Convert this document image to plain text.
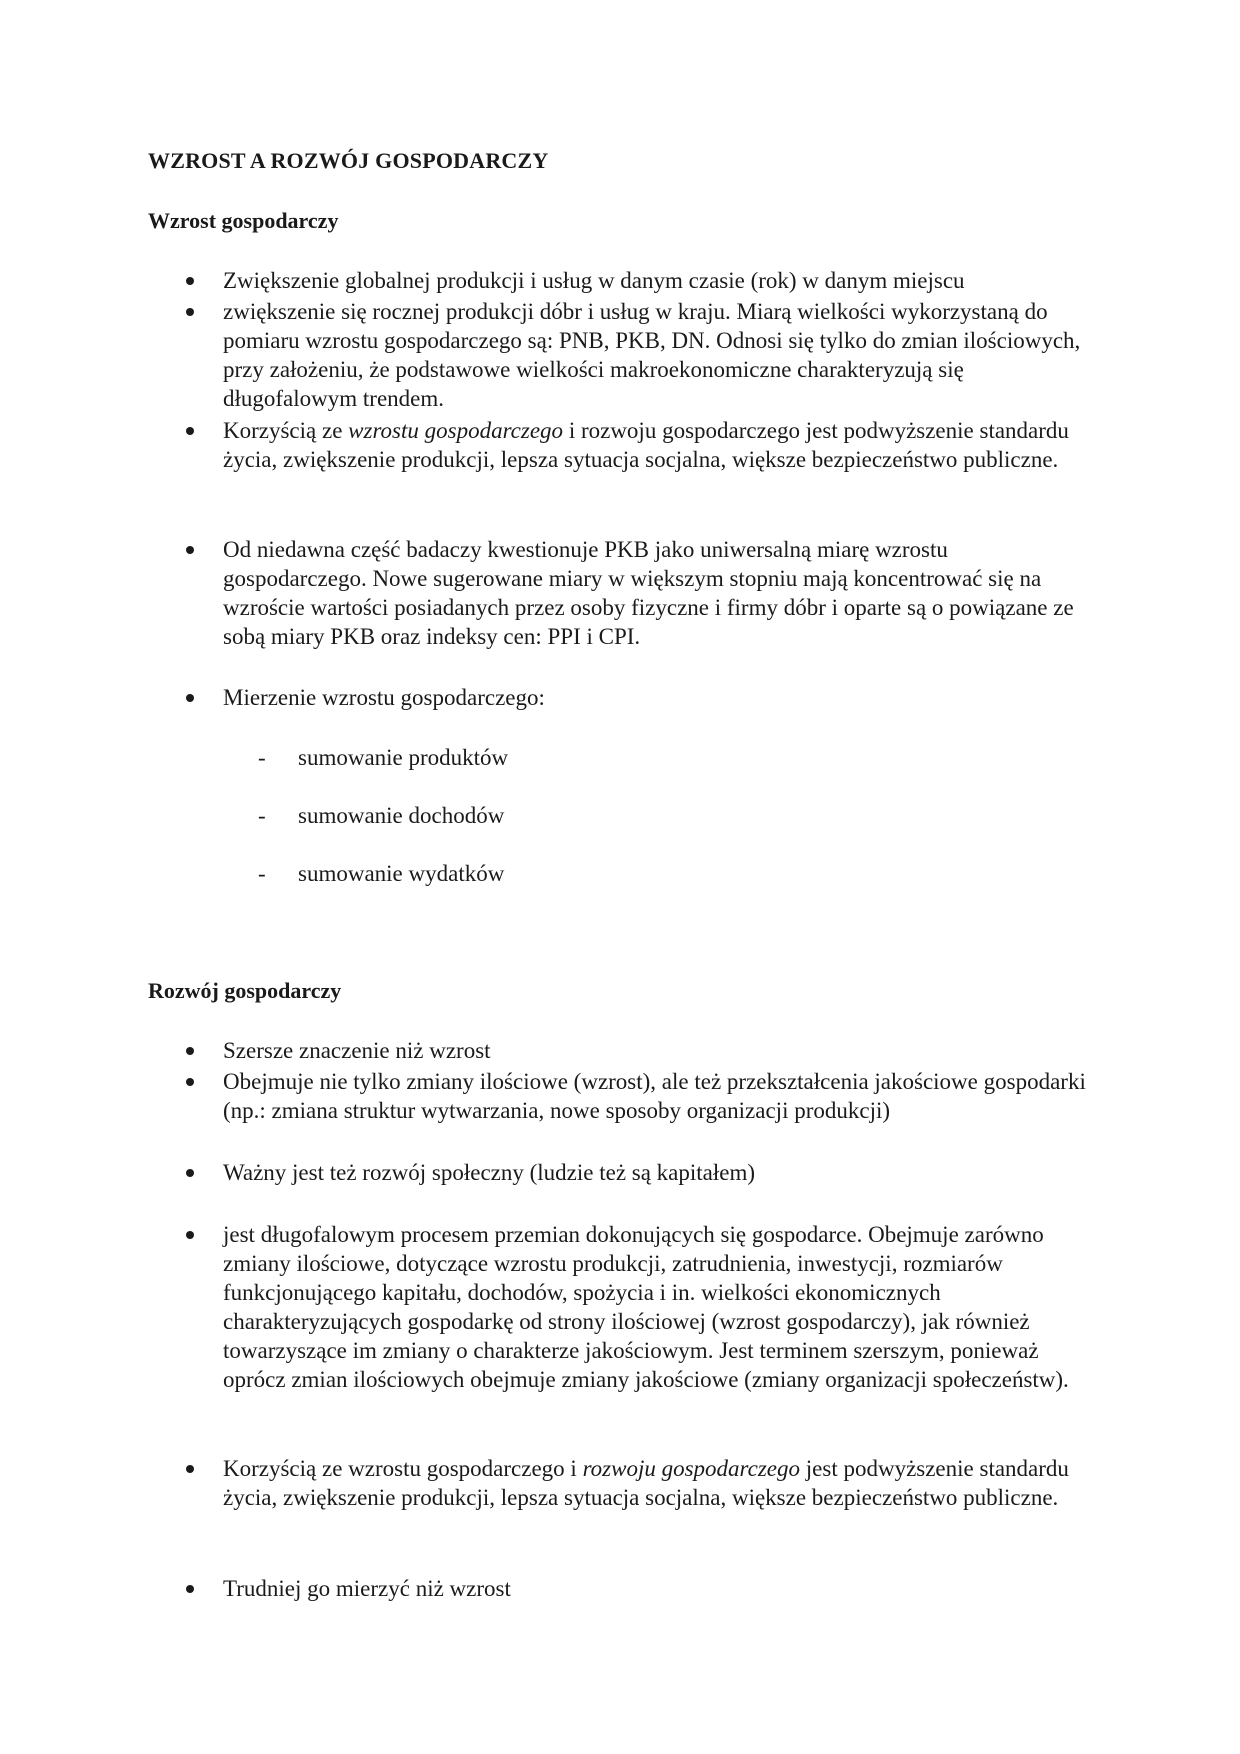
WZROST A ROZWÓJ GOSPODARCZY
Wzrost gospodarczy
Zwiększenie globalnej produkcji i usług w danym czasie (rok) w danym miejscu
zwiększenie się rocznej produkcji dóbr i usług w kraju. Miarą wielkości wykorzystaną do pomiaru wzrostu gospodarczego są: PNB, PKB, DN. Odnosi się tylko do zmian ilościowych, przy założeniu, że podstawowe wielkości makroekonomiczne charakteryzują się długofalowym trendem.
Korzyścią ze wzrostu gospodarczego i rozwoju gospodarczego jest podwyższenie standardu życia, zwiększenie produkcji, lepsza sytuacja socjalna, większe bezpieczeństwo publiczne.
Od niedawna część badaczy kwestionuje PKB jako uniwersalną miarę wzrostu gospodarczego. Nowe sugerowane miary w większym stopniu mają koncentrować się na wzroście wartości posiadanych przez osoby fizyczne i firmy dóbr i oparte są o powiązane ze sobą miary PKB oraz indeksy cen: PPI i CPI.
Mierzenie wzrostu gospodarczego:
- sumowanie produktów
- sumowanie dochodów
- sumowanie wydatków
Rozwój gospodarczy
Szersze znaczenie niż wzrost
Obejmuje nie tylko zmiany ilościowe (wzrost), ale też przekształcenia jakościowe gospodarki (np.: zmiana struktur wytwarzania, nowe sposoby organizacji produkcji)
Ważny jest też rozwój społeczny (ludzie też są kapitałem)
jest długofalowym procesem przemian dokonujących się gospodarce. Obejmuje zarówno zmiany ilościowe, dotyczące wzrostu produkcji, zatrudnienia, inwestycji, rozmiarów funkcjonującego kapitału, dochodów, spożycia i in. wielkości ekonomicznych charakteryzujących gospodarkę od strony ilościowej (wzrost gospodarczy), jak również towarzyszące im zmiany o charakterze jakościowym. Jest terminem szerszym, ponieważ oprócz zmian ilościowych obejmuje zmiany jakościowe (zmiany organizacji społeczeństw).
Korzyścią ze wzrostu gospodarczego i rozwoju gospodarczego jest podwyższenie standardu życia, zwiększenie produkcji, lepsza sytuacja socjalna, większe bezpieczeństwo publiczne.
Trudniej go mierzyć niż wzrost
